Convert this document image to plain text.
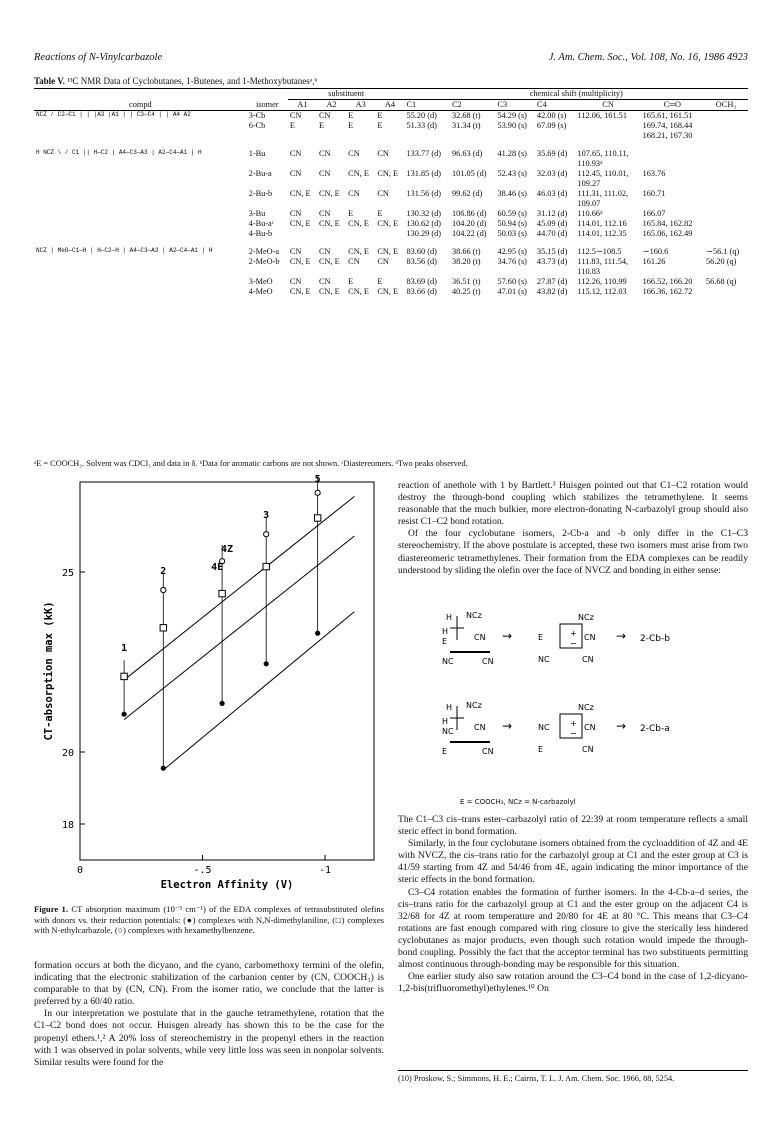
Reactions of N-Vinylcarbazole	J. Am. Chem. Soc., Vol. 108, No. 16, 1986 4923
Table V. ¹³C NMR Data of Cyclobutanes, 1-Butenes, and 1-Methoxybutanesᵃ,ᵇ
		substituent				chemical shift (multiplicity)						
compd	isomer	A1	A2	A3	A4	C1	C2	C3	C4	CN	C═O	OCH₃
NCZ / C2—C1 | | |A3 |A1 | | C3—C4 | | A4 A2	3-Cb	CN	CN	E	E	55.20 (d)	32.68 (t)	54.29 (s)	42.00 (s)	112.06, 161.51	165.61, 161.51	
	6-Cb	E	E	E	E	51.33 (d)	31.34 (t)	53.90 (s)	67.09 (s)		169.74, 168.44	
											168.21, 167.30	

H NCZ \ / C1 || H—C2 | A4—C3—A3 | A2—C4—A1 | H	1-Bu	CN	CN	CN	CN	133.77 (d)	96.63 (d)	41.28 (s)	35.69 (d)	107.65, 110.11,		
										110.93ᵈ		
	2-Bu-a	CN	CN	CN, E	CN, E	131.85 (d)	101.05 (d)	52.43 (s)	32.03 (d)	112.45, 110.01,	163.76	
										109.27		
	2-Bu-b	CN, E	CN, E	CN	CN	131.56 (d)	99.62 (d)	38.46 (s)	46.03 (d)	111.31, 111.02,	160.71	
										109.07		
	3-Bu	CN	CN	E	E	130.32 (d)	106.86 (d)	60.59 (s)	31.12 (d)	110.66ᵈ	166.07	
	4-Bu-aᶜ	CN, E	CN, E	CN, E	CN, E	130.62 (d)	104.20 (d)	50.94 (s)	45.09 (d)	114.01, 112.16	165.84, 162.82	
	4-Bu-b					130.29 (d)	104.22 (d)	50.03 (s)	44.70 (d)	114.01, 112.35	165.06, 162.49	

NCZ | MeO—C1—H | H—C2—H | A4—C3—A3 | A2—C4—A1 | H	2-MeO-a	CN	CN	CN, E	CN, E	83.60 (d)	38.66 (t)	42.95 (s)	35.15 (d)	112.5∼108.5	∼160.6	∼56.1 (q)
	2-MeO-b	CN, E	CN, E	CN	CN	83.56 (d)	38.20 (t)	34.76 (s)	43.73 (d)	111.83, 111.54,	161.26	56.20 (q)
										110.83		
	3-MeO	CN	CN	E	E	83.69 (d)	36.51 (t)	57.60 (s)	27.87 (d)	112.26, 110.99	166.52, 166.20	56.68 (q)
	4-MeO	CN, E	CN, E	CN, E	CN, E	83.66 (d)	40.25 (t)	47.01 (s)	43.82 (d)	115.12, 112.03	166.36, 162.72	
ᵃE = COOCH₃. Solvent was CDCl₃ and data in δ. ᵇData for aromatic carbons are not shown. ᶜDiastereomers. ᵈTwo peaks observed.
0	-.5	-1
18
20
25
Electron Affinity (V)
CT-absorption max (kK)	1
2
4Z
4E
3
5
Figure 1. CT absorption maximum (10⁻³ cm⁻¹) of the EDA complexes of tetrasubstituted olefins with donors vs. their reduction potentials: (●) complexes with N,N-dimethylaniline, (□) complexes with N-ethylcarbazole, (○) complexes with hexamethylbenzene.

formation occurs at both the dicyano, and the cyano, carbomethoxy termini of the olefin, indicating that the electronic stabilization of the carbanion center by (CN, COOCH₃) is comparable to that by (CN, CN). From the isomer ratio, we conclude that the latter is preferred by a 60/40 ratio.

In our interpretation we postulate that in the gauche tetramethylene, rotation that the C1–C2 bond does not occur. Huisgen already has shown this to be the case for the propenyl ethers.¹,² A 20% loss of stereochemistry in the propenyl ethers in the reaction with 1 was observed in polar solvents, while very little loss was seen in nonpolar solvents. Similar results were found for the

reaction of anethole with 1 by Bartlett.³ Huisgen pointed out that C1–C2 rotation would destroy the through-bond coupling which stabilizes the tetramethylene. It seems reasonable that the much bulkier, more electron-donating N-carbazolyl group should also resist C1–C2 bond rotation.

Of the four cyclobutane isomers, 2-Cb-a and -b only differ in the C1–C3 stereochemistry. If the above postulate is accepted, these two isomers must arise from two diastereomeric tetramethylenes. Their formation from the EDA complexes can be readily understood by sliding the olefin over the face of NVCZ and bonding in either sense:

H NCz
H
E	CN
NC	CN
→
NCz
E	CN
+
−
NC	CN
→ 2-Cb-b
H NCz
H
NC	CN
E	CN
→
NCz
NC	CN
+
−
E	CN
→ 2-Cb-a
E = COOCH₃, NCz = N-carbazolyl

The C1–C3 cis–trans ester–carbazolyl ratio of 22:39 at room temperature reflects a small steric effect in bond formation.

Similarly, in the four cyclobutane isomers obtained from the cycloaddition of 4Z and 4E with NVCZ, the cis–trans ratio for the carbazolyl group at C1 and the ester group at C3 is 41/59 starting from 4Z and 54/46 from 4E, again indicating the minor importance of the steric effects in the bond formation.

C3–C4 rotation enables the formation of further isomers. In the 4-Cb-a–d series, the cis–trans ratio for the carbazolyl group at C1 and the ester group on the adjacent C4 is 32/68 for 4Z at room temperature and 20/80 for 4E at 80 °C. This means that C3–C4 rotations are fast enough compared with ring closure to give the sterically less hindered cyclobutanes as major products, even though such rotation would impede the through-bond coupling. Possibly the fact that the acceptor terminal has two substituents permitting almost continuous through-bonding may be responsible for this situation.

One earlier study also saw rotation around the C3–C4 bond in the case of 1,2-dicyano-1,2-bis(trifluoromethyl)ethylenes.¹⁰ On

(10) Proskow, S.; Simmons, H. E.; Cairns, T. L. J. Am. Chem. Soc. 1966, 88, 5254.
